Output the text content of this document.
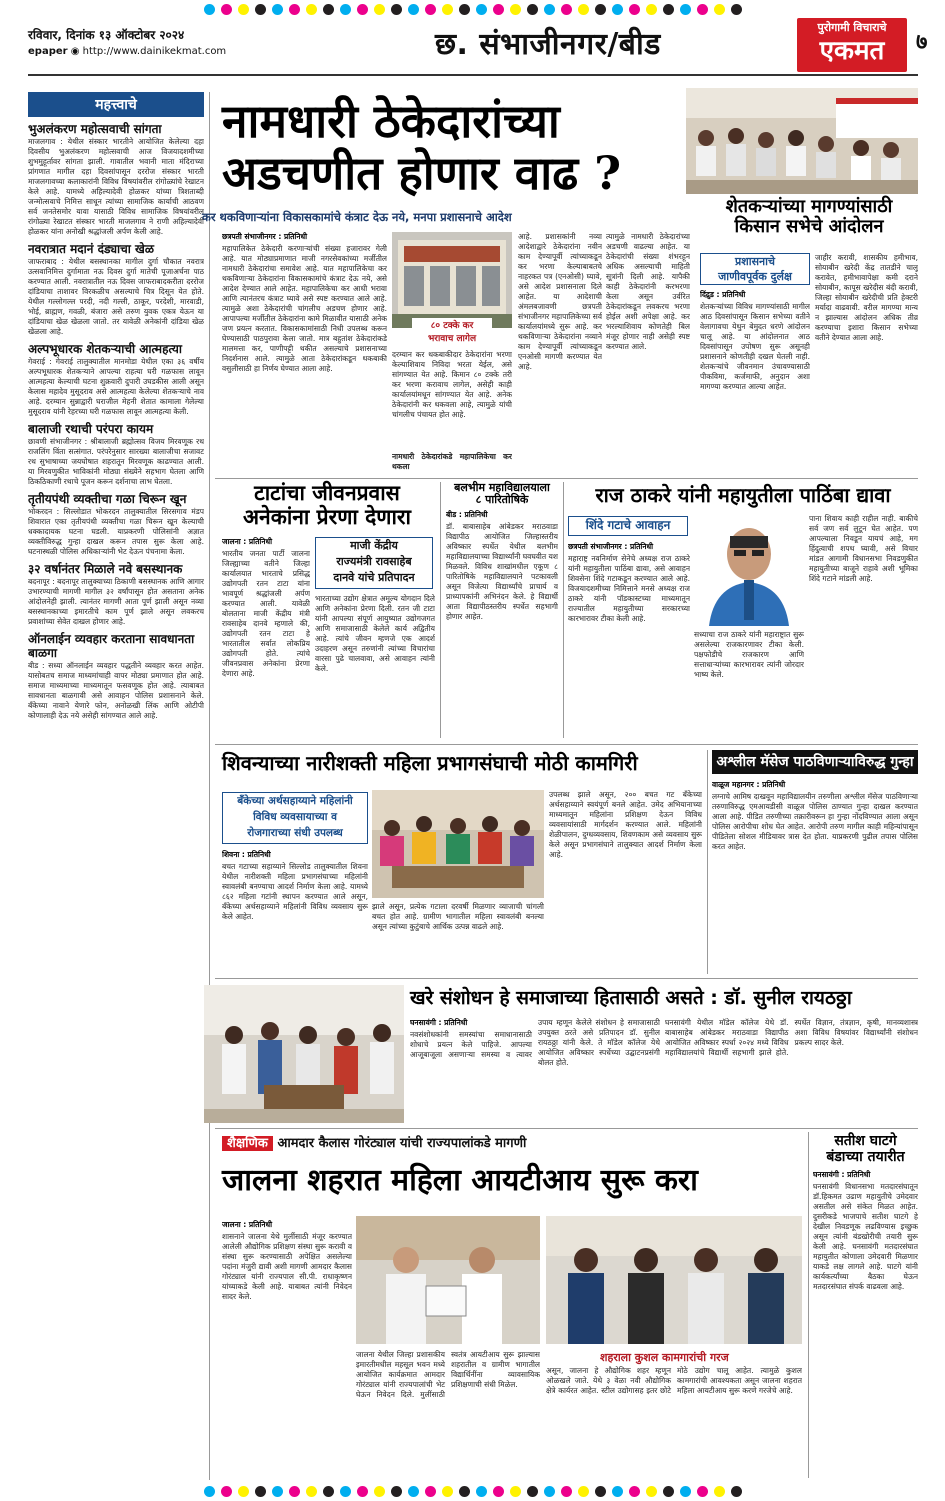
रविवार, दिनांक १३ ऑक्टोबर २०२४
epaper ◉ http://www.dainikekmat.com	छ. संभाजीनगर/बीड	पुरोगामी विचाराचे
एकमत	७
महत्त्वाचे
भुअलंकरण महोत्सवाची सांगता
माजलगाव : येथील संस्कार भारतीने आयोजित केलेल्या दहा दिवसीय भुअलंकरण महोत्सवाची आज विजयादशमीच्या शुभमुहूर्तावर सांगता झाली. गावातील भवानी माता मंदिराच्या प्रांगणात मागील दहा दिवसांपासून दररोज संस्कार भारती माजलगावच्या कलाकारांनी विविध विषयांवरील रांगोळ्यांचे रेखाटन केले आहे. यामध्ये अहिल्यादेवी होळकर यांच्या त्रिशताब्दी जन्मोत्सवाचे निमित्त साधून त्यांच्या सामाजिक कार्याची आठवण सर्व जनतेसमोर यावा यासाठी विविध सामाजिक विषयांवरील रांगोळ्या रेखाटत संस्कार भारती माजलगाव ने राणी अहिल्यादेवी होळकर यांना अनोखी श्रद्धांजली अर्पण केली आहे.
नवरात्रात मदानंं दंड्याचा खेळ
जाफराबाद : येथील बसस्थानका मागील दुर्गा चौकात नवरात्र उत्सवानिमित्त दुर्गामाता नऊ दिवस दुर्गा मातेची पूजाअर्चना पाठ करण्यात आली. नवरात्रातील नऊ दिवस जाफराबादकरीता दररोज दांडियाचा ताशावर विरकळीच असल्याचे चित्र दिसून येत होते. येथील गल्लोगल्ल परदी, नदी गल्ली, ठाकूर, परदेशी, मारवाडी, भोई, ब्राह्मण, गवळी, बंजारा असे तरुण युवक एकत्र येऊन या दांडियाचा खेळ खेळला जातो. तर यावेळी अनेकांनी दांडिया खेळ खेळला आहे.
अल्पभूधारक शेतकऱ्याची आत्महत्या
गेवराई : गेवराई तालुक्यातील मानमोडा येथील एका ३६ वर्षीय अल्पभूधारक शेतकऱ्याने आपल्या राहत्या घरी गळफास लावून आत्महत्या केल्याची घटना शुक्रवारी दुपारी उघडकीस आली असून केलास महादेव मुसूदराव असे आत्महत्या केलेल्या शेतकऱ्याचे नाव आहे. दरम्यान सुन्नाद्वारी घराजील मेहनी शेतात कामाला गेलेल्या मुसूदराव यांनी रेहरच्या घरी गळफास लावून आत्महत्या केली.
बालाजी रथाची परंपरा कायम
छावणी संभाजीनगर : श्रीबालाजी ब्रह्मोत्सव विजय मिरवणूक रथ राजलिंग विंता सत्संगात. परंपरेनुसार सारख्या बालाजीचा सजावट रथ सुभाषाच्या जयघोषात शहरातून मिरवणूक काढण्यात आली. या मिरवणुकीत भाविकांनी मोठ्या संख्येने सहभाग घेतला आणि ठिकठिकाणी रथाचे पूजन करून दर्शनाचा लाभ घेतला.
तृतीयपंथी व्यक्तीचा गळा चिरून खून
भोकरदन : सिल्लोडात भोकरदन तालुक्यातील सिरसगाव मंडप शिवारात एका तृतीयपंथी व्यक्तीचा गळा चिरून खून केल्याची धक्कादायक घटना घडली. याप्रकरणी पोलिसांनी अज्ञात व्यक्तीविरुद्ध गुन्हा दाखल करून तपास सुरू केला आहे. घटनास्थळी पोलिस अधिकाऱ्यांनी भेट देऊन पंचनामा केला.
३२ वर्षानंतर मिळाले नवे बसस्थानक
बदनापूर : बदनापूर तालुक्याच्या ठिकाणी बसस्थानक आणि आगार उभारण्याची मागणी मागील ३२ वर्षांपासून होत असताना अनेक आंदोलनेही झाली. त्यानंतर मागणी आता पूर्ण झाली असून नव्या बसस्थानकाच्या इमारतीचे काम पूर्ण झाले असून लवकरच प्रवाशांच्या सेवेत दाखल होणार आहे.
ऑनलाईन व्यवहार करताना सावधानता बाळगा
बीड : सध्या ऑनलाईन व्यवहार पद्धतीने व्यवहार करत आहेत. यासोबतच समाज माध्यमांचाही वापर मोठ्या प्रमाणात होत आहे. समाज माध्यमाच्या माध्यमातून फसवणूक होत आहे. त्याबाबत सावधानता बाळगावी असे आवाहन पोलिस प्रशासनाने केले. बँकेच्या नावाने येणारे फोन, अनोळखी लिंक आणि ओटीपी कोणालाही देऊ नये असेही सांगण्यात आले आहे.
नामधारी ठेकेदारांच्या
अडचणीत होणार वाढ ?
कर थकविणाऱ्यांना विकासकामांचे कंत्राट देऊ नये, मनपा प्रशासनाचे आदेश
छत्रपती संभाजीनगर : प्रतिनिधी
महापालिकेत ठेकेदारी करणाऱ्यांची संख्या हजारावर गेली आहे. यात मोठ्याप्रमाणात माजी नगरसेवकांच्या मर्जीतील नामधारी ठेकेदारांचा समावेश आहे. यात महापालिकेचा कर थकविणाऱ्या ठेकेदारांना विकासकामांचे कंत्राट देऊ नये, असे आदेश देण्यात आले आहेत. महापालिकेचा कर आधी भरावा आणि त्यानंतरच कंत्राट घ्यावे असे स्पष्ट करण्यात आले आहे. त्यामुळे अशा ठेकेदारांची चांगलीच अडचण होणार आहे. आपापल्या मर्जीतील ठेकेदारांना कामे मिळावीत यासाठी अनेक जण प्रयत्न करतात. विकासकामांसाठी निधी उपलब्ध करून घेण्यासाठी पाठपुरावा केला जातो. मात्र बहुतांश ठेकेदारांकडे मालमत्ता कर, पाणीपट्टी थकीत असल्याचे प्रशासनाच्या निदर्शनास आले. त्यामुळे आता ठेकेदारांकडून थकबाकी वसुलीसाठी हा निर्णय घेण्यात आला आहे.
८० टक्के कर
भरावाच लागेल
दरम्यान कर थकबाकीदार ठेकेदारांना भरणा केल्याशिवाय निविदा भरता येईल, असे सांगण्यात येत आहे. किमान ८० टक्के तरी कर भरणा करावाच लागेल, असेही काही कार्यालयांमधून सांगण्यात येत आहे. अनेक ठेकेदारांनी कर थकवला आहे, त्यामुळे यांची चांगलीच पंचायत होत आहे.
नामधारी ठेकेदारांकडे महापालिकेचा कर थकला
आहे. प्रशासकांनी नव्या आदेशाद्वारे ठेकेदारांना नवीन काम देण्यापूर्वी त्यांच्याकडून कर भरणा केल्याबाबतचे नाहरकत पत्र (एनओसी) घ्यावे, असे आदेश प्रशासनाला दिले आहेत. या आदेशाची अंमलबजावणी छत्रपती संभाजीनगर महापालिकेच्या सर्व कार्यालयांमध्ये सुरू आहे. कर थकविणाऱ्या ठेकेदारांना नव्याने काम देण्यापूर्वी त्यांच्याकडून एनओसी मागणी करण्यात येत आहे.
त्यामुळे नामधारी ठेकेदारांच्या अडचणी वाढल्या आहेत. या ठेकेदारांची संख्या शंभरहून अधिक असल्याची माहिती सूत्रांनी दिली आहे. यापैकी काही ठेकेदारांनी करभरणा केला असून उर्वरित ठेकेदारांकडून लवकरच भरणा होईल अशी अपेक्षा आहे. कर भरल्याशिवाय कोणतेही बिल मंजूर होणार नाही असेही स्पष्ट करण्यात आले.
शेतकऱ्यांच्या मागण्यांसाठी
किसान सभेचे आंदोलन
प्रशासनाचे
जाणीवपूर्वक दुर्लक्ष
दिंद्रुड : प्रतिनिधी
शेतकऱ्यांच्या विविध मागण्यांसाठी मागील आठ दिवसांपासून किसान सभेच्या वतीने वेलागावचा येथुन बेमुदत धरणे आंदोलन चालू आहे. या आंदोलनात आठ दिवसांपासून उपोषण सुरू असूनही प्रशासनाने कोणतीही दखल घेतली नाही. शेतकऱ्यांचे जीवनमान उंचावण्यासाठी पीकविमा, कर्जमाफी, अनुदान अशा मागण्या करण्यात आल्या आहेत.
जाहीर करावी, शासकीय हमीभाव, सोयाबीन खरेदी केंद्र तातडीने चालू करावेत, हमीभावापेक्षा कमी दराने सोयाबीन, कापूस खरेदीस बंदी करावी, जिल्हा सोयाबीन खरेदीची प्रति हेक्टरी मर्यादा वाढवावी. वरील मागण्या मान्य न झाल्यास आंदोलन अधिक तीव्र करण्याचा इशारा किसान सभेच्या वतीने देण्यात आला आहे.
टाटांचा जीवनप्रवास
अनेकांना प्रेरणा देणारा
माजी केंद्रीय
राज्यमंत्री रावसाहेब
दानवे यांचे प्रतिपादन
जालना : प्रतिनिधी
भारतीय जनता पार्टी जालना जिल्ह्याच्या वतीने जिल्हा कार्यालयात भारताचे प्रसिद्ध उद्योगपती रतन टाटा यांना भावपूर्ण श्रद्धांजली अर्पण करण्यात आली. यावेळी बोलताना माजी केंद्रीय मंत्री रावसाहेब दानवे म्हणाले की, उद्योगपती रतन टाटा हे भारतातील सर्वात लोकप्रिय उद्योगपती होते. त्यांचे जीवनप्रवास अनेकांना प्रेरणा देणारा आहे.
भारताच्या उद्योग क्षेत्रात अमूल्य योगदान दिले आणि अनेकांना प्रेरणा दिली. रतन जी टाटा यांनी आपल्या संपूर्ण आयुष्यात उद्योगजगत आणि समाजासाठी केलेले कार्य अद्वितीय आहे. त्यांचे जीवन म्हणजे एक आदर्श उदाहरण असून तरुणांनी त्यांच्या विचारांचा वारसा पुढे चालवावा, असे आवाहन त्यांनी केले.
बलभीम महाविद्यालयाला
८ पारितोषिके
बीड : प्रतिनिधी
डॉ. बाबासाहेब आंबेडकर मराठवाडा विद्यापीठ आयोजित जिल्हास्तरीय अविष्कार स्पर्धेत येथील बलभीम महाविद्यालयाच्या विद्यार्थ्यांनी घवघवीत यश मिळवले. विविध शाखांमधील एकूण ८ पारितोषिके महाविद्यालयाने पटकावली असून विजेत्या विद्यार्थ्यांचे प्राचार्य व प्राध्यापकांनी अभिनंदन केले. हे विद्यार्थी आता विद्यापीठस्तरीय स्पर्धेत सहभागी होणार आहेत.
राज ठाकरे यांनी महायुतीला पाठिंबा द्यावा
शिंदे गटाचे आवाहन
छत्रपती संभाजीनगर : प्रतिनिधी
महाराष्ट्र नवनिर्माण सेनेचे अध्यक्ष राज ठाकरे यांनी महायुतीला पाठिंबा द्यावा, असे आवाहन शिवसेना शिंदे गटाकडून करण्यात आले आहे. विजयादशमीच्या निमित्ताने मनसे अध्यक्ष राज ठाकरे यांनी पॉडकास्टच्या माध्यमातून राज्यातील महायुतीच्या सरकारच्या कारभारावर टीका केली आहे.
सध्याचा राज ठाकरे यांनी महाराष्ट्रात सुरू असलेल्या राजकारणावर टीका केली. पक्षफोडीचे राजकारण आणि सत्ताधाऱ्यांच्या कारभारावर त्यांनी जोरदार भाष्य केले.
पाना शिवाय काही राहील नाही. बाकीचे सर्व जण सर्व लुटून घेत आहेत. पण आपल्याला निवडून यायचं आहे, मग हिंदुत्वाची शपथ घ्यावी, असे विचार मांडत आगामी विधानसभा निवडणुकीत महायुतीच्या बाजूने राहावे अशी भूमिका शिंदे गटाने मांडली आहे.
शिवन्याच्या नारीशक्ती महिला प्रभागसंघाची मोठी कामगिरी
बँकेच्या अर्थसहाय्याने महिलांनी
विविध व्यवसायाच्या व
रोजगाराच्या संधी उपलब्ध
शिवना : प्रतिनिधी
बचत गटाच्या सहाय्याने सिल्लोड तालुक्यातील शिवना येथील नारीशक्ती महिला प्रभागसंघाच्या महिलांनी स्वावलंबी बनण्याचा आदर्श निर्माण केला आहे. यामध्ये ८६२ महिला गटांनी स्थापन करण्यात आले असून, बँकेच्या अर्थसहाय्याने महिलांनी विविध व्यवसाय सुरू केले आहेत.
झाले असून, प्रत्येक गटाला दरवर्षी मिळणार व्याजाची चांगली बचत होत आहे. ग्रामीण भागातील महिला स्वावलंबी बनल्या असून त्यांच्या कुटुंबाचे आर्थिक उत्पन्न वाढले आहे.
उपलब्ध झाले असून, २०० बचत गट बँकेच्या अर्थसहाय्याने स्वयंपूर्ण बनले आहेत. उमेद अभियानाच्या माध्यमातून महिलांना प्रशिक्षण देऊन विविध व्यवसायांसाठी मार्गदर्शन करण्यात आले. महिलांनी शेळीपालन, दुग्धव्यवसाय, शिवणकाम असे व्यवसाय सुरू केले असून प्रभागसंघाने तालुक्यात आदर्श निर्माण केला आहे.
अश्लील मॅसेज पाठविणाऱ्याविरुद्ध गुन्हा
वाळूज महानगर : प्रतिनिधी
लग्नाचे आमिष दाखवून महाविद्यालयीन तरुणीला अश्लील मॅसेज पाठविणाऱ्या तरुणाविरुद्ध एमआयडीसी वाळूज पोलिस ठाण्यात गुन्हा दाखल करण्यात आला आहे. पीडित तरुणीच्या तक्रारीवरून हा गुन्हा नोंदविण्यात आला असून पोलिस आरोपीचा शोध घेत आहेत. आरोपी तरुण मागील काही महिन्यांपासून पीडितेला सोशल मीडियावर त्रास देत होता. याप्रकरणी पुढील तपास पोलिस करत आहेत.
खरे संशोधन हे समाजाच्या हितासाठी असते : डॉ. सुनील रायठठ्ठा
घनसावंगी : प्रतिनिधी
नवसंशोधकांनी समस्यांचा समाधानासाठी शोधाचे प्रयत्न केले पाहिजे. आपल्या आजूबाजूला असणाऱ्या समस्या व त्यावर उपाय म्हणून केलेले संशोधन हे समाजासाठी उपयुक्त ठरते असे प्रतिपादन डॉ. सुनील रायठठ्ठा यांनी केले. ते मॉडेल कॉलेज येथे आयोजित अविष्कार स्पर्धेच्या उद्घाटनप्रसंगी बोलत होते.
घनसावंगी येथील मॉडेल कॉलेज येथे डॉ. बाबासाहेब आंबेडकर मराठवाडा विद्यापीठ आयोजित अविष्कार स्पर्धा २०२४ मध्ये विविध महाविद्यालयांचे विद्यार्थी सहभागी झाले होते. स्पर्धेत विज्ञान, तंत्रज्ञान, कृषी, मानव्यशास्त्र अशा विविध विषयांवर विद्यार्थ्यांनी संशोधन प्रकल्प सादर केले.
शैक्षणिक आमदार कैलास गोरंट्याल यांची राज्यपालांकडे मागणी
जालना शहरात महिला आयटीआय सुरू करा
जालना : प्रतिनिधी
शासनाने जालना येथे मुलींसाठी मंजूर करण्यात आलेली औद्योगिक प्रशिक्षण संस्था सुरू करावी व संस्था सुरू करण्यासाठी अपेक्षित असलेल्या पदांना मंजुरी द्यावी अशी मागणी आमदार कैलास गोरंट्याल यांनी राज्यपाल सी.पी. राधाकृष्णन यांच्याकडे केली आहे. याबाबत त्यांनी निवेदन सादर केले.
जालना येथील जिल्हा प्रशासकीय इमारतीमधील महसूल भवन मध्ये आयोजित कार्यक्रमात आमदार गोरंट्याल यांनी राज्यपालांची भेट घेऊन निवेदन दिले. मुलींसाठी स्वतंत्र आयटीआय सुरू झाल्यास शहरातील व ग्रामीण भागातील विद्यार्थिनींना व्यावसायिक प्रशिक्षणाची संधी मिळेल.
शहराला कुशल कामगारांची गरज
असून, जालना हे औद्योगिक शहर म्हणून ओळखले जाते. येथे ३ वेळा नवी औद्योगिक क्षेत्रे कार्यरत आहेत. स्टील उद्योगासह इतर छोटे मोठे उद्योग चालू आहेत. त्यामुळे कुशल कामगारांची आवश्यकता असून जालना शहरात महिला आयटीआय सुरू करणे गरजेचे आहे.
सतीश घाटगे
बंडाच्या तयारीत
घनसावंगी : प्रतिनिधी
घनसावंगी विधानसभा मतदारसंघातून डॉ.हिकमत उढाण महायुतीचे उमेदवार असतील असे संकेत मिळत आहेत. दुसरीकडे भाजपाचे सतीश घाटगे हे देखील निवडणूक लढविण्यास इच्छुक असून त्यांनी बंडखोरीची तयारी सुरू केली आहे. घनसावंगी मतदारसंघात महायुतीत कोणाला उमेदवारी मिळणार याकडे लक्ष लागले आहे. घाटगे यांनी कार्यकर्त्यांच्या बैठका घेऊन मतदारसंघात संपर्क वाढवला आहे.
